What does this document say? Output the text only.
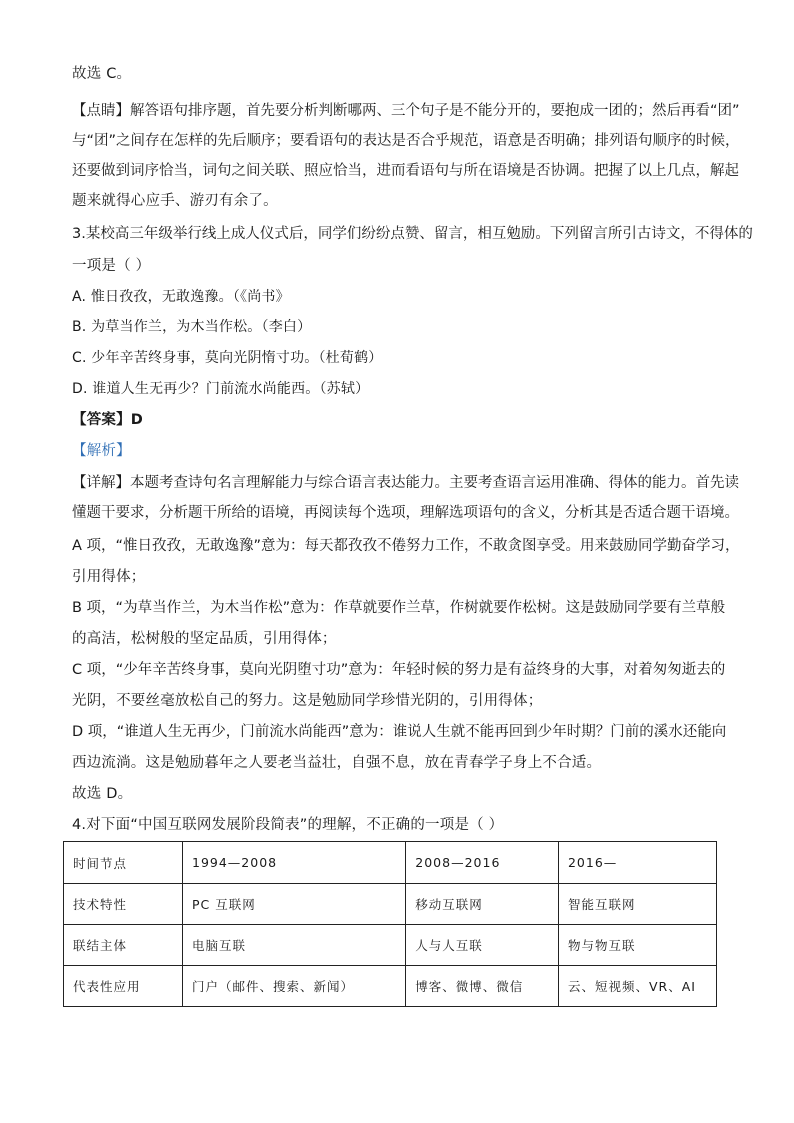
故选 C。
【点睛】解答语句排序题，首先要分析判断哪两、三个句子是不能分开的，要抱成一团的；然后再看“团”
与“团”之间存在怎样的先后顺序；要看语句的表达是否合乎规范，语意是否明确；排列语句顺序的时候，
还要做到词序恰当，词句之间关联、照应恰当，进而看语句与所在语境是否协调。把握了以上几点，解起
题来就得心应手、游刃有余了。
3.某校高三年级举行线上成人仪式后，同学们纷纷点赞、留言，相互勉励。下列留言所引古诗文，不得体的
一项是（ ）
A. 惟日孜孜，无敢逸豫。（《尚书》
B. 为草当作兰，为木当作松。（李白）
C. 少年辛苦终身事，莫向光阴惰寸功。（杜荀鹤）
D. 谁道人生无再少？门前流水尚能西。（苏轼）
【答案】D
【解析】
【详解】本题考查诗句名言理解能力与综合语言表达能力。主要考查语言运用准确、得体的能力。首先读
懂题干要求，分析题干所给的语境，再阅读每个选项，理解选项语句的含义，分析其是否适合题干语境。
A 项，“惟日孜孜，无敢逸豫”意为：每天都孜孜不倦努力工作，不敢贪图享受。用来鼓励同学勤奋学习，
引用得体；
B 项，“为草当作兰，为木当作松”意为：作草就要作兰草，作树就要作松树。这是鼓励同学要有兰草般
的高洁，松树般的坚定品质，引用得体；
C 项，“少年辛苦终身事，莫向光阴堕寸功”意为：年轻时候的努力是有益终身的大事，对着匆匆逝去的
光阴，不要丝毫放松自己的努力。这是勉励同学珍惜光阴的，引用得体；
D 项，“谁道人生无再少，门前流水尚能西”意为：谁说人生就不能再回到少年时期？门前的溪水还能向
西边流淌。这是勉励暮年之人要老当益壮，自强不息，放在青春学子身上不合适。
故选 D。
4.对下面“中国互联网发展阶段简表”的理解，不正确的一项是（ ）
时间节点	1994—2008	2008—2016	2016—
技术特性	PC 互联网	移动互联网	智能互联网
联结主体	电脑互联	人与人互联	物与物互联
代表性应用	门户（邮件、搜索、新闻）	博客、微博、微信	云、短视频、VR、AI
